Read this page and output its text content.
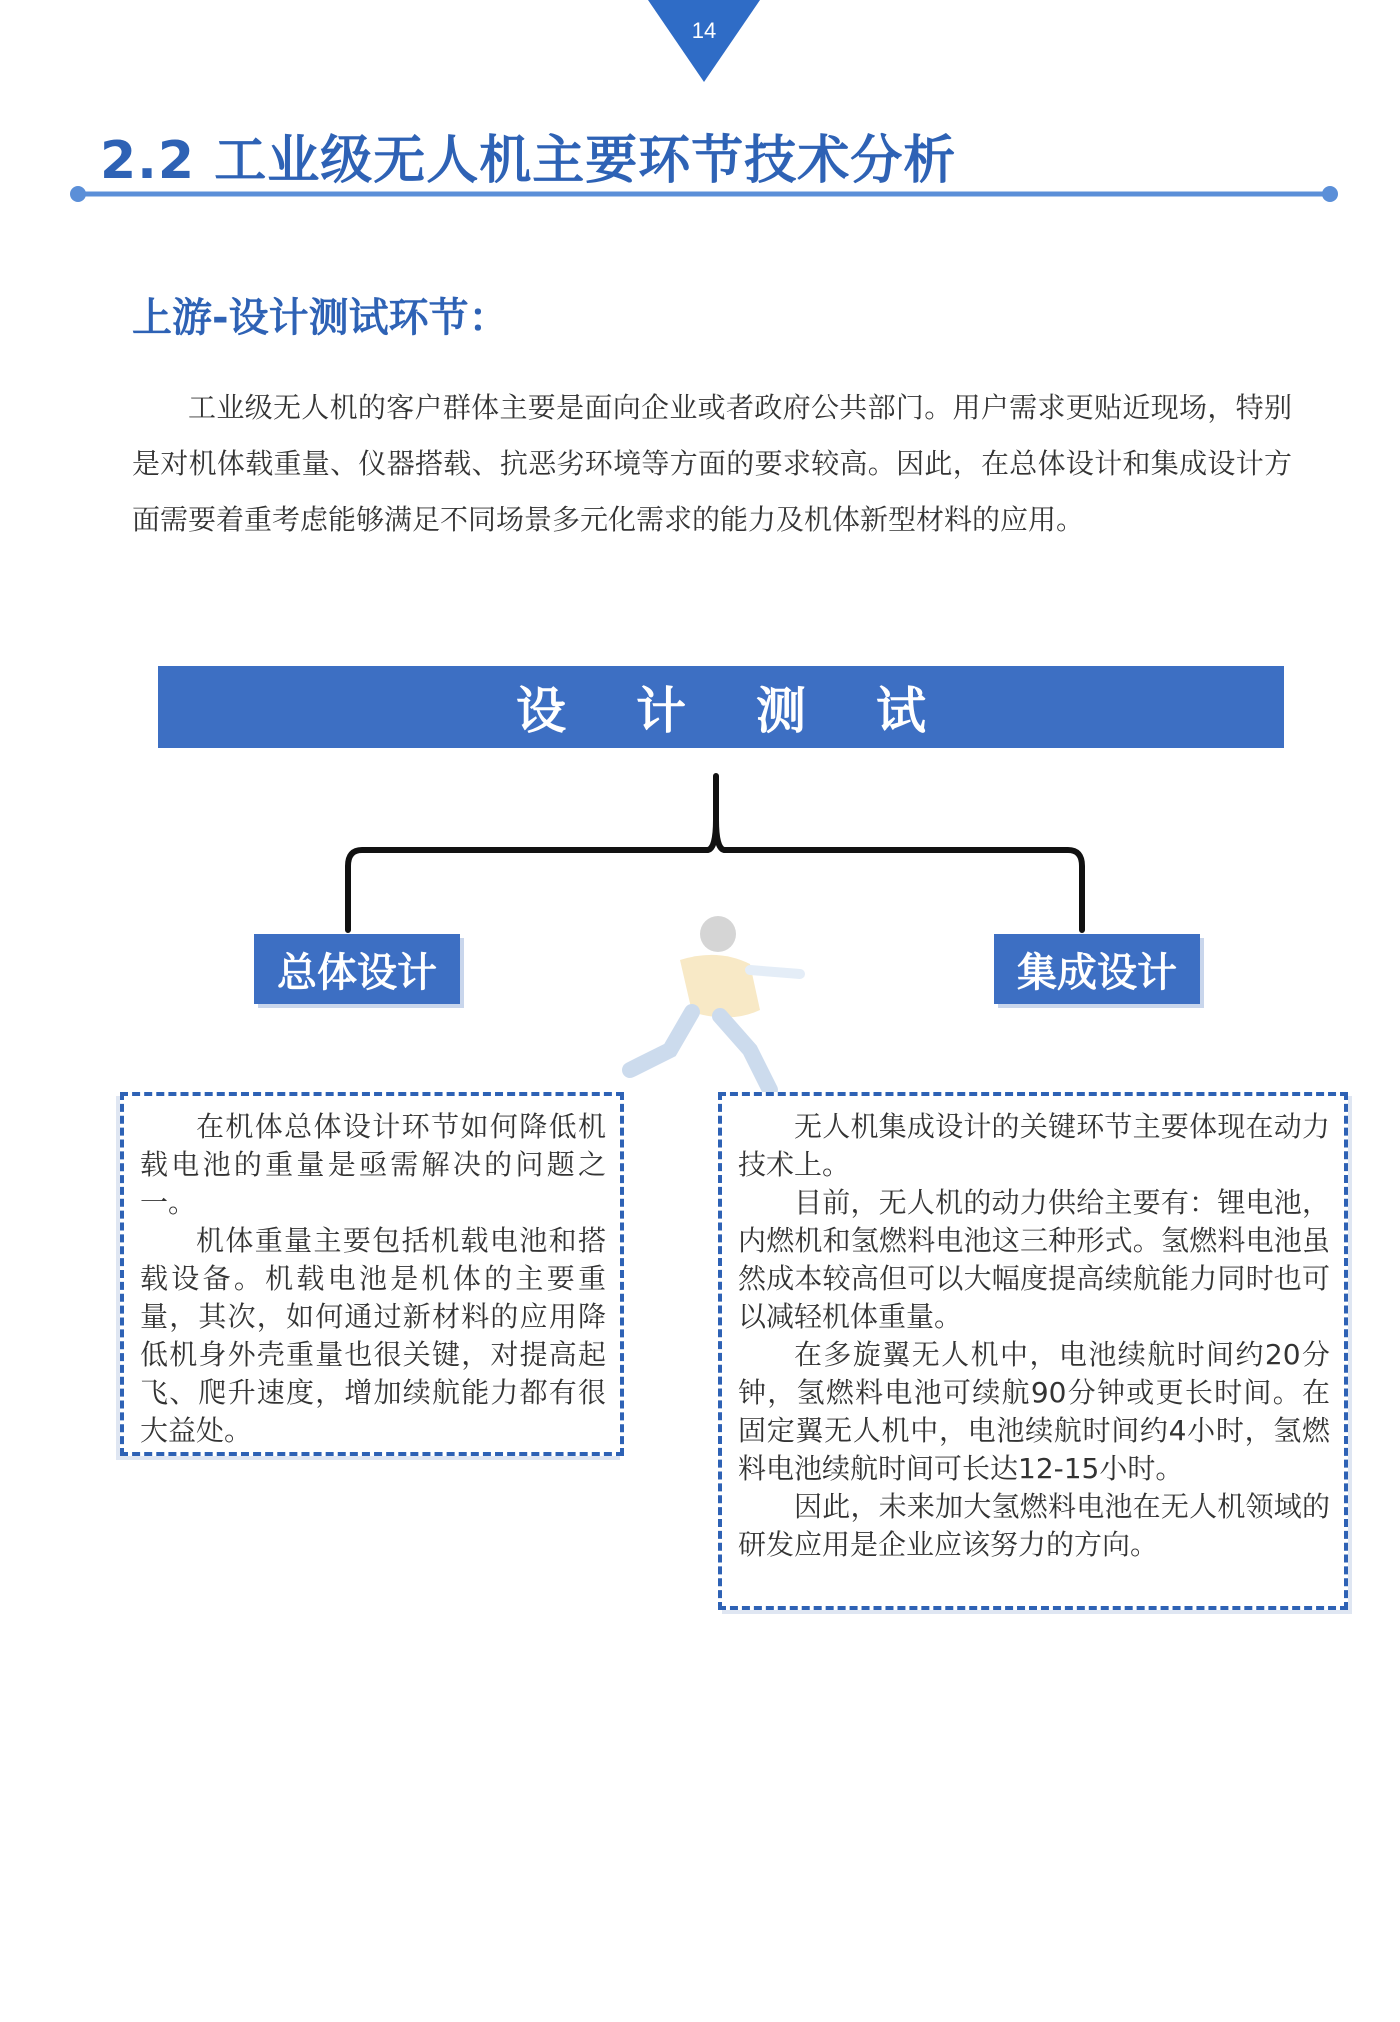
14
2.2 工业级无人机主要环节技术分析
上游-设计测试环节：

工业级无人机的客户群体主要是面向企业或者政府公共部门。用户需求更贴近现场，特别是对机体载重量、仪器搭载、抗恶劣环境等方面的要求较高。因此，在总体设计和集成设计方面需要着重考虑能够满足不同场景多元化需求的能力及机体新型材料的应用。

设计测试
总体设计	集成设计

在机体总体设计环节如何降低机载电池的重量是亟需解决的问题之一。

机体重量主要包括机载电池和搭载设备。机载电池是机体的主要重量，其次，如何通过新材料的应用降低机身外壳重量也很关键，对提高起飞、爬升速度，增加续航能力都有很大益处。

无人机集成设计的关键环节主要体现在动力技术上。

目前，无人机的动力供给主要有：锂电池，内燃机和氢燃料电池这三种形式。氢燃料电池虽然成本较高但可以大幅度提高续航能力同时也可以减轻机体重量。

在多旋翼无人机中，电池续航时间约20分钟，氢燃料电池可续航90分钟或更长时间。在固定翼无人机中，电池续航时间约4小时，氢燃料电池续航时间可长达12-15小时。

因此，未来加大氢燃料电池在无人机领域的研发应用是企业应该努力的方向。
